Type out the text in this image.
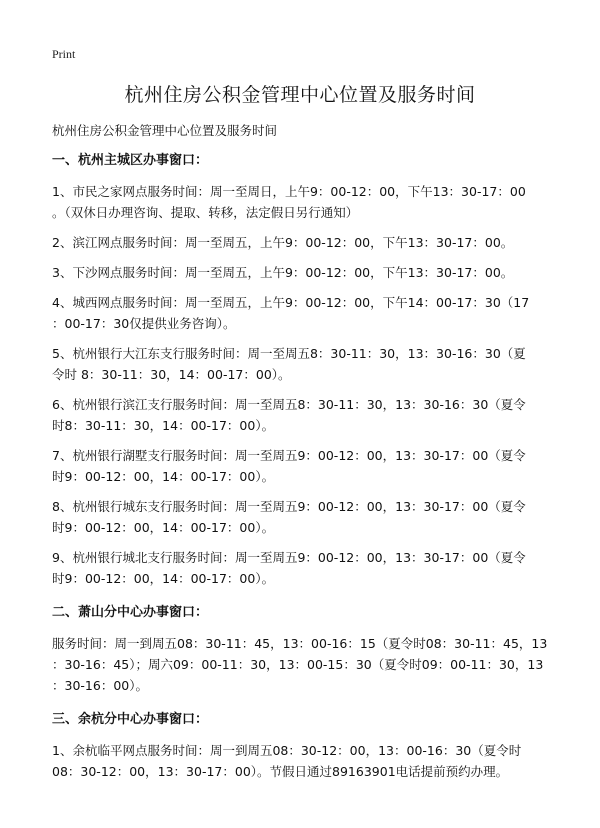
Print
杭州住房公积金管理中心位置及服务时间
杭州住房公积金管理中心位置及服务时间
一、杭州主城区办事窗口：
1、市民之家网点服务时间：周一至周日，上午9：00-12：00，下午13：30-17：00
。（双休日办理咨询、提取、转移，法定假日另行通知）
2、滨江网点服务时间：周一至周五，上午9：00-12：00，下午13：30-17：00。
3、下沙网点服务时间：周一至周五，上午9：00-12：00，下午13：30-17：00。
4、城西网点服务时间：周一至周五，上午9：00-12：00，下午14：00-17：30（17
：00-17：30仅提供业务咨询）。
5、杭州银行大江东支行服务时间：周一至周五8：30-11：30，13：30-16：30（夏
令时 8：30-11：30，14：00-17：00）。
6、杭州银行滨江支行服务时间：周一至周五8：30-11：30，13：30-16：30（夏令
时8：30-11：30，14：00-17：00）。
7、杭州银行湖墅支行服务时间：周一至周五9：00-12：00，13：30-17：00（夏令
时9：00-12：00，14：00-17：00）。
8、杭州银行城东支行服务时间：周一至周五9：00-12：00，13：30-17：00（夏令
时9：00-12：00，14：00-17：00）。
9、杭州银行城北支行服务时间：周一至周五9：00-12：00，13：30-17：00（夏令
时9：00-12：00，14：00-17：00）。
二、萧山分中心办事窗口：
服务时间：周一到周五08：30-11：45，13：00-16：15（夏令时08：30-11：45，13
：30-16：45）；周六09：00-11：30，13：00-15：30（夏令时09：00-11：30，13
：30-16：00）。
三、余杭分中心办事窗口：
1、余杭临平网点服务时间：周一到周五08：30-12：00，13：00-16：30（夏令时
08：30-12：00，13：30-17：00）。节假日通过89163901电话提前预约办理。
